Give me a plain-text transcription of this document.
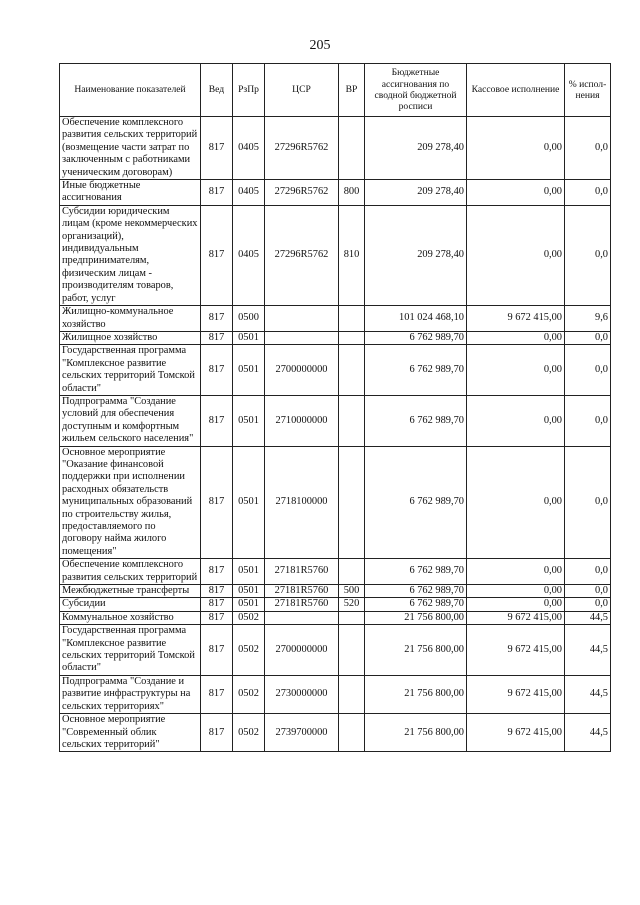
205
Наименование показателей	Вед	РзПр	ЦСР	ВР	Бюджетные ассигнования по сводной бюджетной росписи	Кассовое исполнение	% испол-нения
Обеспечение комплексного развития сельских территорий (возмещение части затрат по заключенным с работниками ученическим договорам)	817	0405	27296R5762		209 278,40	0,00	0,0
Иные бюджетные ассигнования	817	0405	27296R5762	800	209 278,40	0,00	0,0
Субсидии юридическим лицам (кроме некоммерческих организаций), индивидуальным предпринимателям, физическим лицам - производителям товаров, работ, услуг	817	0405	27296R5762	810	209 278,40	0,00	0,0
Жилищно-коммунальное хозяйство	817	0500			101 024 468,10	9 672 415,00	9,6
Жилищное хозяйство	817	0501			6 762 989,70	0,00	0,0
Государственная программа "Комплексное развитие сельских территорий Томской области"	817	0501	2700000000		6 762 989,70	0,00	0,0
Подпрограмма "Создание условий для обеспечения доступным и комфортным жильем сельского населения"	817	0501	2710000000		6 762 989,70	0,00	0,0
Основное мероприятие "Оказание финансовой поддержки при исполнении расходных обязательств муниципальных образований по строительству жилья, предоставляемого по договору найма жилого помещения"	817	0501	2718100000		6 762 989,70	0,00	0,0
Обеспечение комплексного развития сельских территорий	817	0501	27181R5760		6 762 989,70	0,00	0,0
Межбюджетные трансферты	817	0501	27181R5760	500	6 762 989,70	0,00	0,0
Субсидии	817	0501	27181R5760	520	6 762 989,70	0,00	0,0
Коммунальное хозяйство	817	0502			21 756 800,00	9 672 415,00	44,5
Государственная программа "Комплексное развитие сельских территорий Томской области"	817	0502	2700000000		21 756 800,00	9 672 415,00	44,5
Подпрограмма "Создание и развитие инфраструктуры на сельских территориях"	817	0502	2730000000		21 756 800,00	9 672 415,00	44,5
Основное мероприятие "Современный облик сельских территорий"	817	0502	2739700000		21 756 800,00	9 672 415,00	44,5
